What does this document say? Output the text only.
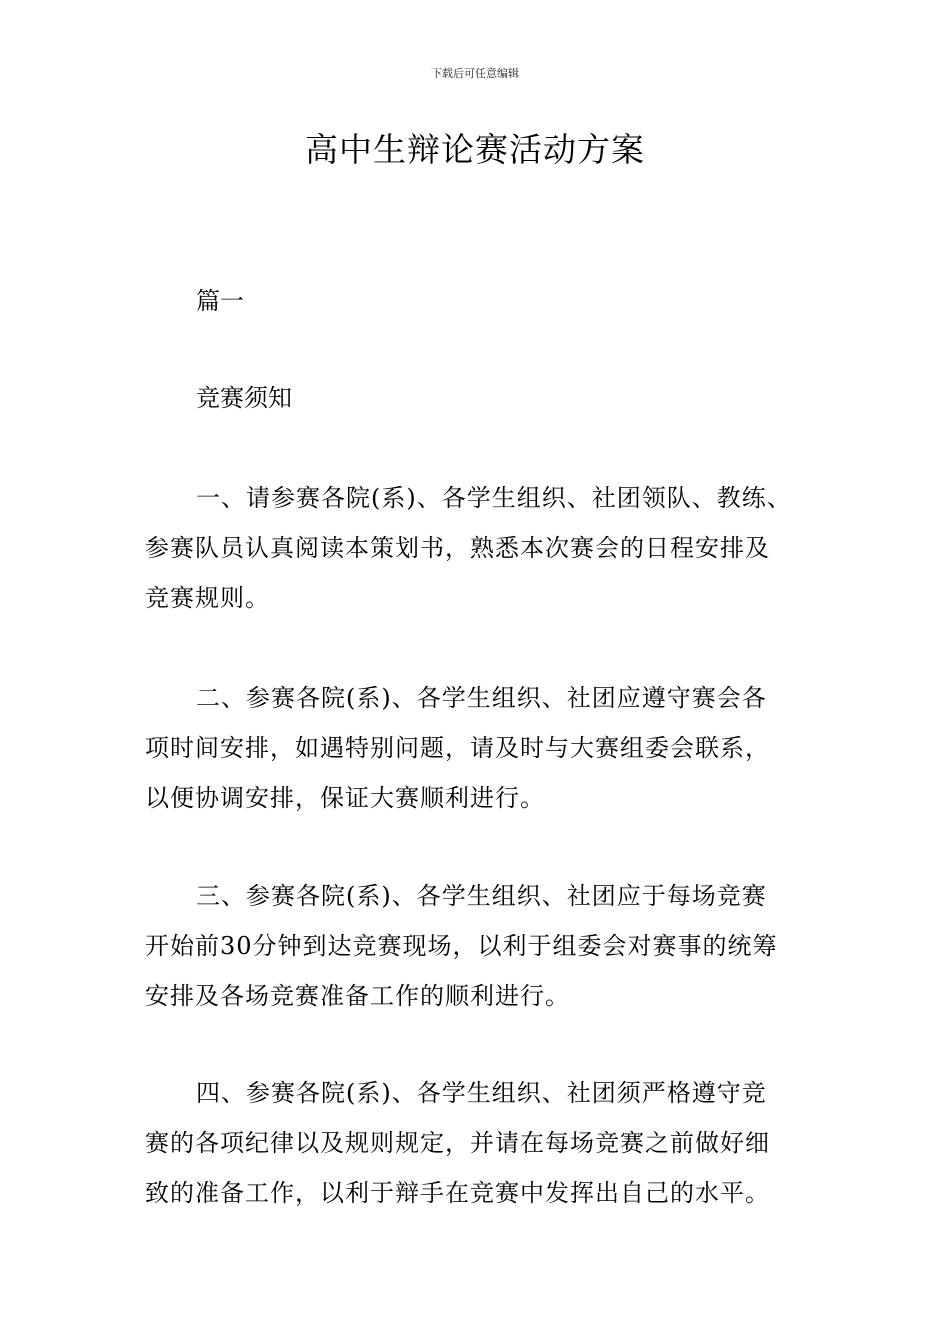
下载后可任意编辑
高中生辩论赛活动方案
篇一
竞赛须知
一、请参赛各院(系)、各学生组织、社团领队、教练、
参赛队员认真阅读本策划书，熟悉本次赛会的日程安排及
竞赛规则。
二、参赛各院(系)、各学生组织、社团应遵守赛会各
项时间安排，如遇特别问题，请及时与大赛组委会联系，
以便协调安排，保证大赛顺利进行。
三、参赛各院(系)、各学生组织、社团应于每场竞赛
开始前30分钟到达竞赛现场，以利于组委会对赛事的统筹
安排及各场竞赛准备工作的顺利进行。
四、参赛各院(系)、各学生组织、社团须严格遵守竞
赛的各项纪律以及规则规定，并请在每场竞赛之前做好细
致的准备工作，以利于辩手在竞赛中发挥出自己的水平。
